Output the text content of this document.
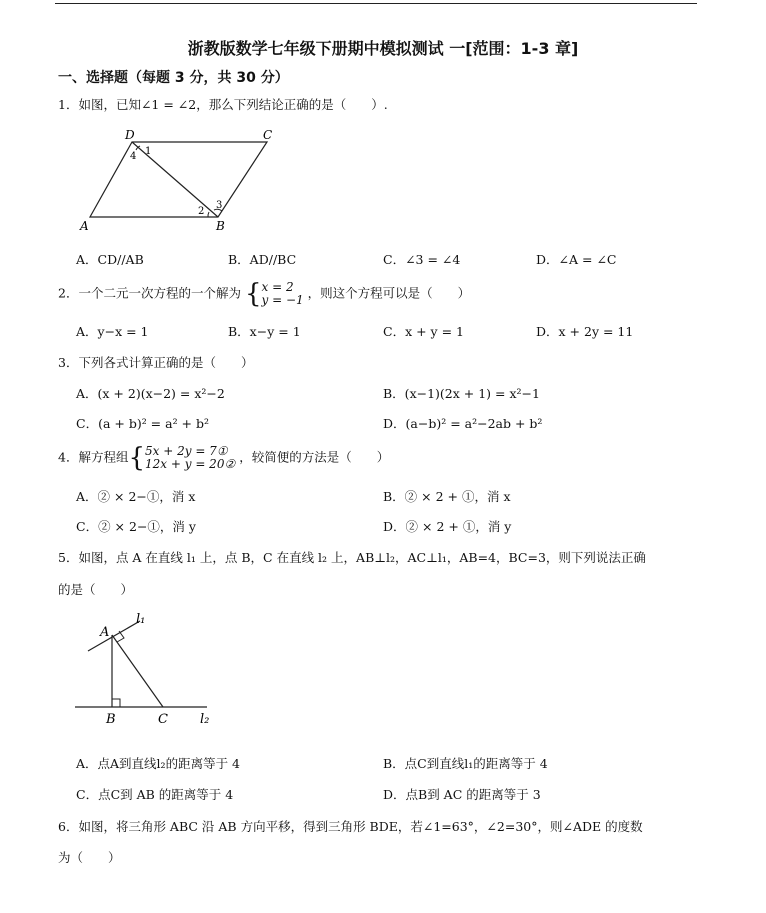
浙教版数学七年级下册期中模拟测试 一[范围：1-3 章]
一、选择题（每题 3 分，共 30 分）
1．如图，已知∠1 = ∠2，那么下列结论正确的是（　　）.
D	C
A	B
1
4
2
3
A．CD//AB	B．AD//BC	C．∠3 = ∠4	D．∠A = ∠C
2．一个二元一次方程的一个解为 {x = 2
y = −1 ，则这个方程可以是（　　）
A．y−x = 1	B．x−y = 1	C．x + y = 1	D．x + 2y = 11
3．下列各式计算正确的是（　　）
A．(x + 2)(x−2) = x²−2	B．(x−1)(2x + 1) = x²−1
C．(a + b)² = a² + b²	D．(a−b)² = a²−2ab + b²
4．解方程组{5x + 2y = 7①
12x + y = 20② ，较简便的方法是（　　）
A．② × 2−①，消 x	B．② × 2 + ①，消 x
C．② × 2−①，消 y	D．② × 2 + ①，消 y
5．如图，点 A 在直线 l₁ 上，点 B，C 在直线 l₂ 上，AB⊥l₂，AC⊥l₁，AB=4，BC=3，则下列说法正确
的是（　　）
A
B	C
l₁
l₂
A．点A到直线l₂的距离等于 4	B．点C到直线l₁的距离等于 4
C．点C到 AB 的距离等于 4	D．点B到 AC 的距离等于 3
6．如图，将三角形 ABC 沿 AB 方向平移，得到三角形 BDE，若∠1=63°，∠2=30°，则∠ADE 的度数
为（　　）
